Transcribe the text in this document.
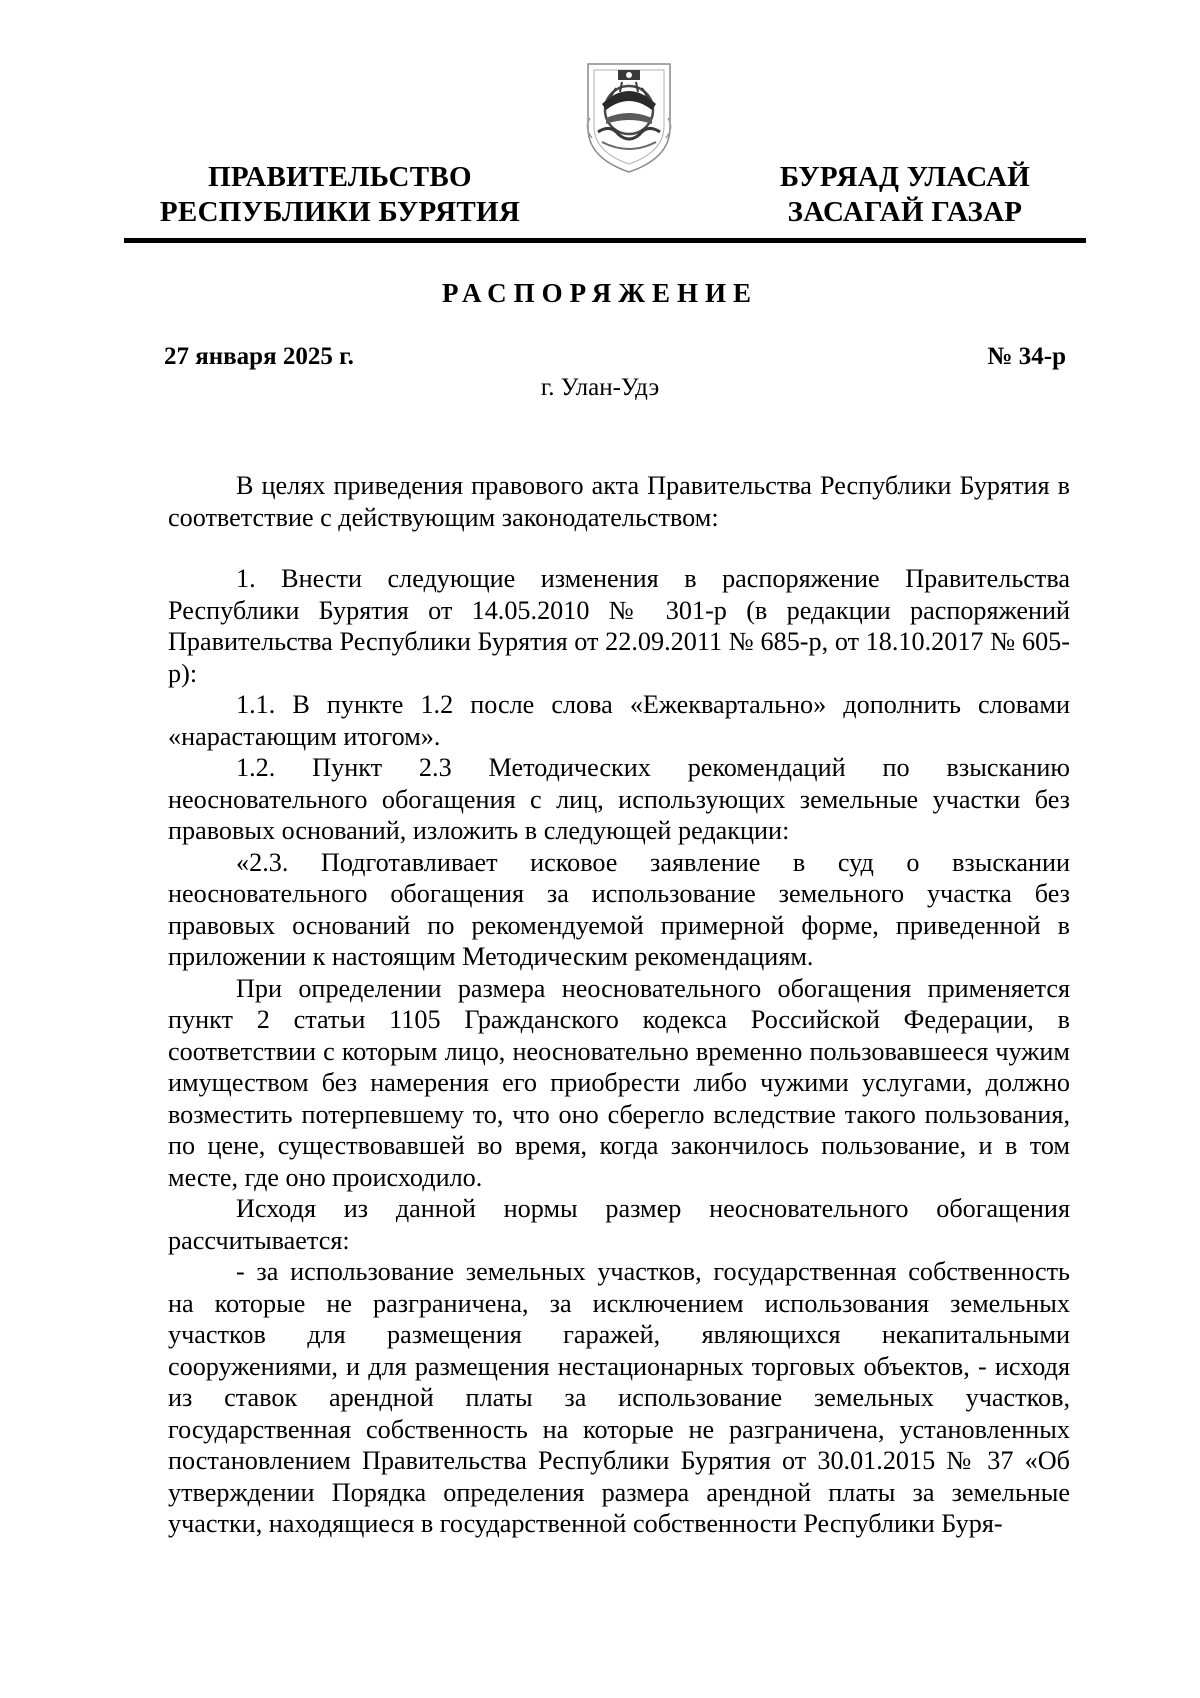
ПРАВИТЕЛЬСТВО
РЕСПУБЛИКИ БУРЯТИЯ
БУРЯАД УЛАСАЙ
ЗАСАГАЙ ГАЗАР
РАСПОРЯЖЕНИЕ
27 января 2025 г.	№ 34-р
г. Улан-Удэ

В целях приведения правового акта Правительства Республики Бурятия в соответствие с действующим законодательством:

1. Внести следующие изменения в распоряжение Правительства Республики Бурятия от 14.05.2010 № 301-р (в редакции распоряжений Правительства Республики Бурятия от 22.09.2011 № 685-р, от 18.10.2017 № 605-р):

1.1. В пункте 1.2 после слова «Ежеквартально» дополнить словами «нарастающим итогом».

1.2. Пункт 2.3 Методических рекомендаций по взысканию неосновательного обогащения с лиц, использующих земельные участки без правовых оснований, изложить в следующей редакции:

«2.3. Подготавливает исковое заявление в суд о взыскании неосновательного обогащения за использование земельного участка без правовых оснований по рекомендуемой примерной форме, приведенной в приложении к настоящим Методическим рекомендациям.

При определении размера неосновательного обогащения применяется пункт 2 статьи 1105 Гражданского кодекса Российской Федерации, в соответствии с которым лицо, неосновательно временно пользовавшееся чужим имуществом без намерения его приобрести либо чужими услугами, должно возместить потерпевшему то, что оно сберегло вследствие такого пользования, по цене, существовавшей во время, когда закончилось пользование, и в том месте, где оно происходило.

Исходя из данной нормы размер неосновательного обогащения рассчитывается:

- за использование земельных участков, государственная собственность на которые не разграничена, за исключением использования земельных участков для размещения гаражей, являющихся некапитальными сооружениями, и для размещения нестационарных торговых объектов, - исходя из ставок арендной платы за использование земельных участков, государственная собственность на которые не разграничена, установленных постановлением Правительства Республики Бурятия от 30.01.2015 № 37 «Об утверждении Порядка определения размера арендной платы за земельные участки, находящиеся в государственной собственности Республики Буря-
